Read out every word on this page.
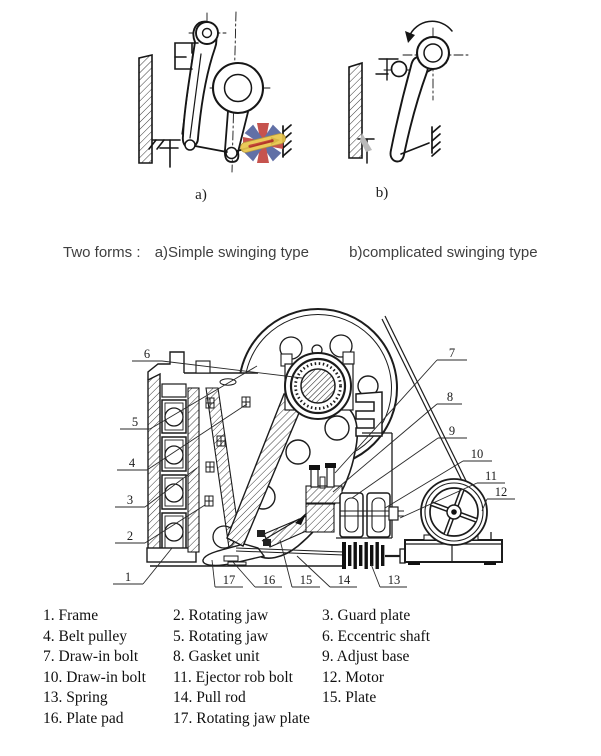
a)	b)
1
2
3
4
5
6	7
8
9
10
11
12
13
14
15
16
17
Two forms : a)Simple swinging type	b)complicated swinging type
1. Frame	2. Rotating jaw	3. Guard plate
4. Belt pulley	5. Rotating jaw	6. Eccentric shaft
7. Draw-in bolt	8. Gasket unit	9. Adjust base
10. Draw-in bolt	11. Ejector rob bolt	12. Motor
13. Spring	14. Pull rod	15. Plate
16. Plate pad	17. Rotating jaw plate
